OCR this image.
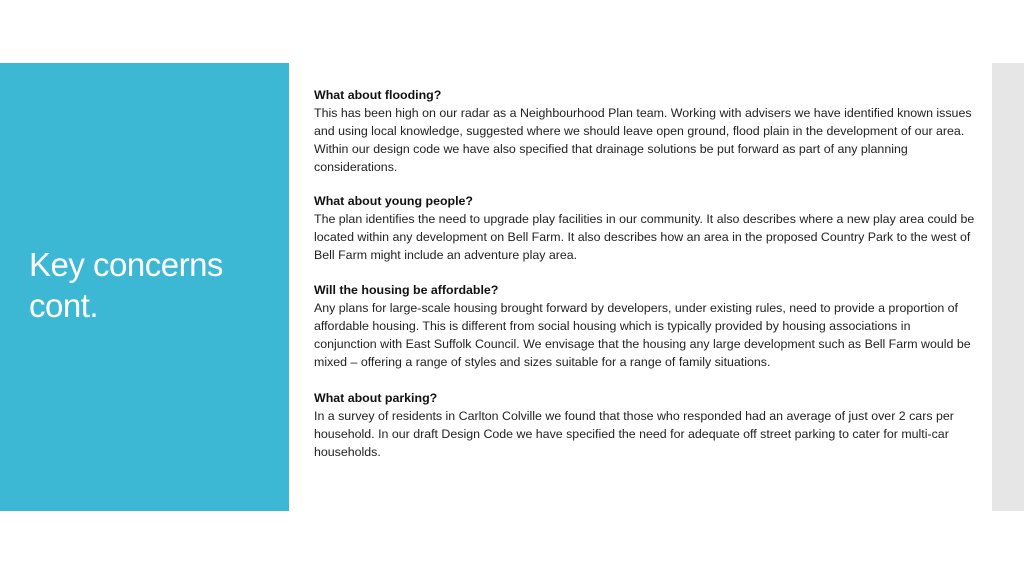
Key concerns
cont.
What about flooding?
This has been high on our radar as a Neighbourhood Plan team. Working with advisers we have identified known issues and using local knowledge, suggested where we should leave open ground, flood plain in the development of our area. Within our design code we have also specified that drainage solutions be put forward as part of any planning considerations.
What about young people?
The plan identifies the need to upgrade play facilities in our community. It also describes where a new play area could be located within any development on Bell Farm. It also describes how an area in the proposed Country Park to the west of Bell Farm might include an adventure play area.
Will the housing be affordable?
Any plans for large-scale housing brought forward by developers, under existing rules, need to provide a proportion of affordable housing. This is different from social housing which is typically provided by housing associations in conjunction with East Suffolk Council. We envisage that the housing any large development such as Bell Farm would be mixed – offering a range of styles and sizes suitable for a range of family situations.
What about parking?
In a survey of residents in Carlton Colville we found that those who responded had an average of just over 2 cars per household. In our draft Design Code we have specified the need for adequate off street parking to cater for multi-car households.
